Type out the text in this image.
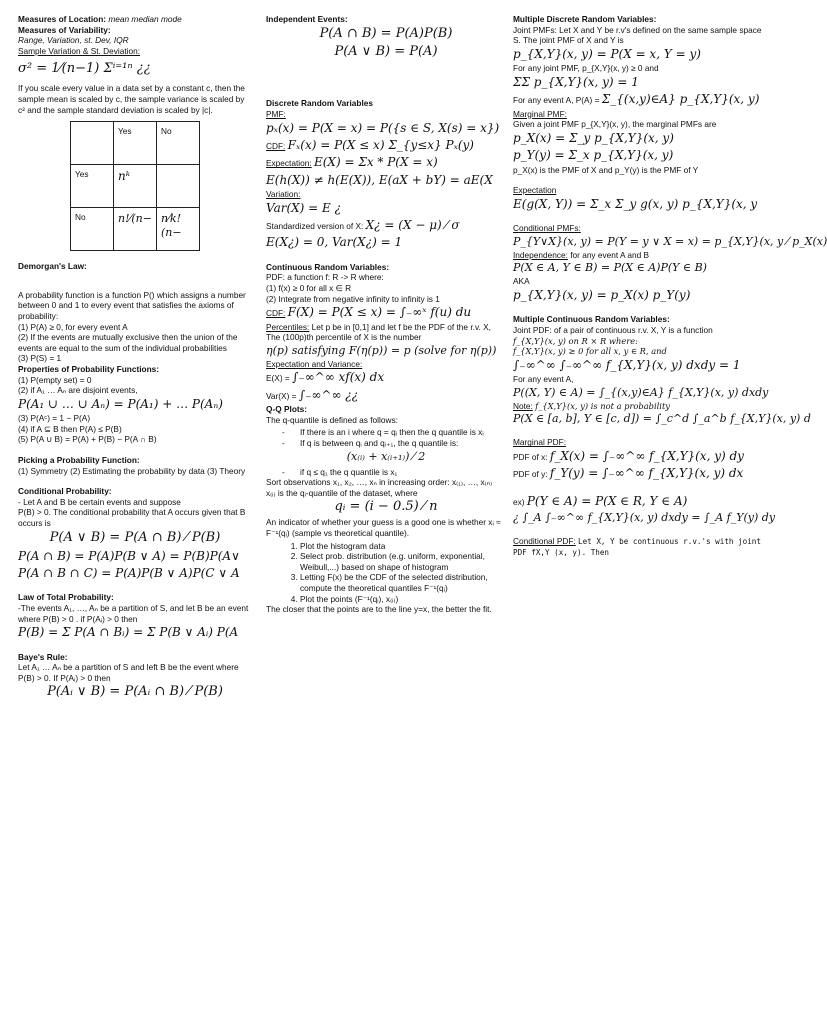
Measures of Location: mean median mode

Measures of Variability:

Range, Variation, st. Dev, IQR

Sample Variation & St. Deviation:

σ² = 1⁄(n−1) Σⁱ⁼¹ⁿ ¿¿

If you scale every value in a data set by a constant c, then the sample mean is scaled by c, the sample variance is scaled by c² and the sample standard deviation is scaled by |c|.

	Yes	No
Yes	nᵏ	
No	n!⁄(n−	n⁄k!(n−

Demorgan's Law:

A probability function is a function P() which assigns a number between 0 and 1 to every event that satisfies the axioms of probability:

(1) P(A) ≥ 0, for every event A

(2) If the events are mutually exclusive then the union of the events are equal to the sum of the individual probabilities

(3) P(S) = 1

Properties of Probability Functions:

(1) P(empty set) = 0

(2) if A₁ … Aₙ are disjoint events,

P(A₁ ∪ … ∪ Aₙ) = P(A₁) + … P(Aₙ)

(3) P(Aᶜ) = 1 − P(A)

(4) if A ⊆ B then P(A) ≤ P(B)

(5) P(A ∪ B) = P(A) + P(B) − P(A ∩ B)

Picking a Probability Function:

(1) Symmetry (2) Estimating the probability by data (3) Theory

Conditional Probability:

- Let A and B be certain events and suppose

P(B) > 0. The conditional probability that A occurs given that B occurs is

P(A ∨ B) = P(A ∩ B) ⁄ P(B)

P(A ∩ B) = P(A)P(B ∨ A) = P(B)P(A∨

P(A ∩ B ∩ C) = P(A)P(B ∨ A)P(C ∨ A

Law of Total Probability:

-The events A₁, …, Aₙ be a partition of S, and let B be an event where P(B) > 0 . if P(Aᵢ) > 0 then

P(B) = Σ P(A ∩ Bᵢ) = Σ P(B ∨ Aᵢ) P(A

Baye's Rule:

Let A₁ … Aₙ be a partition of S and left B be the event where P(B) > 0. If P(Aᵢ) > 0 then

P(Aᵢ ∨ B) = P(Aᵢ ∩ B) ⁄ P(B)

Independent Events:

P(A ∩ B) = P(A)P(B)

P(A ∨ B) = P(A)

Discrete Random Variables

PMF:

pₓ(x) = P(X = x) = P({s ∈ S, X(s) = x})

CDF: Fₓ(x) = P(X ≤ x) Σ_{y≤x} Pₓ(y)

Expectation: E(X) = Σx * P(X = x)

E(h(X)) ≠ h(E(X)), E(aX + bY) = aE(X

Variation:

Var(X) = E ¿

Standardized version of X: X¿ = (X − μ) ⁄ σ

E(X¿) = 0, Var(X¿) = 1

Continuous Random Variables:

PDF: a function f: R -> R where:

(1) f(x) ≥ 0 for all x ∈ R

(2) Integrate from negative infinity to infinity is 1

CDF: F(X) = P(X ≤ x) = ∫₋∞ˣ f(u) du

Percentiles: Let p be in [0,1] and let f be the PDF of the r.v. X, The (100p)th percentile of X is the number

η(p) satisfying F(η(p)) = p (solve for η(p))

Expectation and Variance:

E(X) = ∫₋∞^∞ xf(x) dx

Var(X) = ∫₋∞^∞ ¿¿

Q-Q Plots:

The q-quantile is defined as follows:

- If there is an i where q = qᵢ then the q quantile is xᵢ
- If q is between qᵢ and qᵢ₊₁, the q quantile is:

(x₍ᵢ₎ + x₍ᵢ₊₁₎) ⁄ 2

- if q ≤ q₁ the q quantile is x₁

Sort observations x₁, x₂, …, xₙ in increasing order: x₍₁₎, …, x₍ₙ₎

x₍ᵢ₎ is the qᵢ-quantile of the dataset, where

qᵢ = (i − 0.5) ⁄ n

An indicator of whether your guess is a good one is whether xᵢ ≈ F⁻¹(qᵢ) (sample vs theoretical quantile).

1. Plot the histogram data
2. Select prob. distribution (e.g. uniform, exponential, Weibull,...) based on shape of histogram
3. Letting F(x) be the CDF of the selected distribution, compute the theoretical quantiles F⁻¹(qᵢ)
4. Plot the points (F⁻¹(qᵢ), x₍ᵢ₎)

The closer that the points are to the line y=x, the better the fit.

Multiple Discrete Random Variables:

Joint PMFs: Let X and Y be r.v's defined on the same sample space S. The joint PMF of X and Y is

p_{X,Y}(x, y) = P(X = x, Y = y)

For any joint PMF, p_{X,Y}(x, y) ≥ 0 and

ΣΣ p_{X,Y}(x, y) = 1

For any event A, P(A) = Σ_{(x,y)∈A} p_{X,Y}(x, y)

Marginal PMF:

Given a joint PMF p_{X,Y}(x, y), the marginal PMFs are

p_X(x) = Σ_y p_{X,Y}(x, y)

p_Y(y) = Σ_x p_{X,Y}(x, y)

p_X(x) is the PMF of X and p_Y(y) is the PMF of Y

Expectation

E(g(X, Y)) = Σ_x Σ_y g(x, y) p_{X,Y}(x, y

Conditional PMFs:

P_{Y∨X}(x, y) = P(Y = y ∨ X = x) = p_{X,Y}(x, y ⁄ p_X(x)

Independence: for any event A and B

P(X ∈ A, Y ∈ B) = P(X ∈ A)P(Y ∈ B)

AKA

p_{X,Y}(x, y) = p_X(x) p_Y(y)

Multiple Continuous Random Variables:

Joint PDF: of a pair of continuous r.v. X, Y is a function

f_{X,Y}(x, y) on R × R where:

f_{X,Y}(x, y) ≥ 0 for all x, y ∈ R, and

∫₋∞^∞ ∫₋∞^∞ f_{X,Y}(x, y) dxdy = 1

For any event A,

P((X, Y) ∈ A) = ∫_{(x,y)∈A} f_{X,Y}(x, y) dxdy

Note: f_{X,Y}(x, y) is not a probability

P(X ∈ [a, b], Y ∈ [c, d]) = ∫_c^d ∫_a^b f_{X,Y}(x, y) d

Marginal PDF:

PDF of x: f_X(x) = ∫₋∞^∞ f_{X,Y}(x, y) dy

PDF of y: f_Y(y) = ∫₋∞^∞ f_{X,Y}(x, y) dx

ex) P(Y ∈ A) = P(X ∈ R, Y ∈ A)

¿ ∫_A ∫₋∞^∞ f_{X,Y}(x, y) dxdy = ∫_A f_Y(y) dy

Conditional PDF: Let X, Y be continuous r.v.'s with joint PDF fX,Y (x, y). Then
